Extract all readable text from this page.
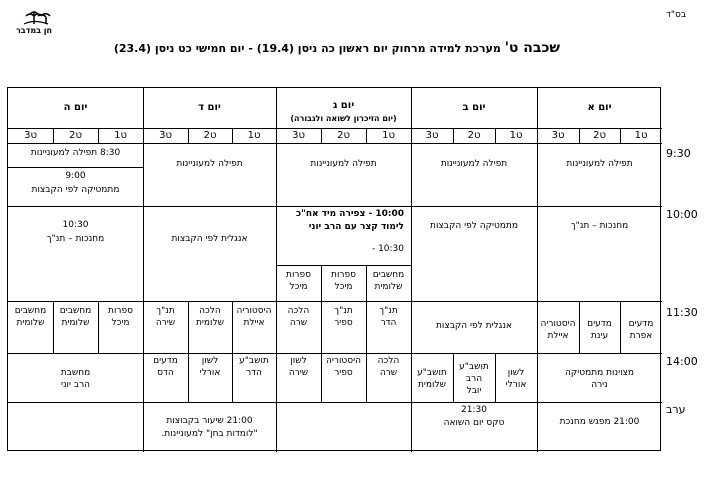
בס"ד
חן במדבר
שכבה ט' מערכת למידה מרחוק יום ראשון כה ניסן (19.4) - יום חמישי כט ניסן (23.4)
9:30
10:00
11:30
14:00
ערב
יום א
יום ב
יום ג
(יום הזיכרון לשואה ולגבורה)
יום ד
יום ה
ט1
ט2
ט3
ט1
ט2
ט3
ט1
ט2
ט3
ט1
ט2
ט3
ט1
ט2
ט3
תפילה למעוניינות
תפילה למעוניינות
תפילה למעוניינות
תפילה למעוניינות
8:30 תפילה למעוניינות
9:00
מתמטיקה לפי הקבצות
מחנכות – תנ"ך
מתמטיקה לפי הקבצות
10:00 - צפירה מיד אח"כ
לימוד קצר עם הרב יוני
10:30 -
מחשבים
שלומית
ספרות
מיכל
ספרות
מיכל
אנגלית לפי הקבצות
10:30
מחנכות – תנ"ך
מדעים
אפרת
מדעים
עינת
היסטוריה
איילת
אנגלית לפי הקבצות
תנ"ך
הדר
תנ"ך
ספיר
הלכה
שרה
היסטוריה
איילת
הלכה
שלומית
תנ"ך
שירה
ספרות
מיכל
מחשבים
שלומית
מחשבים
שלומית
מצוינות מתמטיקה
נירה
לשון
אורלי
תושב"ע
הרב
יובל
תושב"ע
שלומית
הלכה
שרה
היסטוריה
ספיר
לשון
שירה
תושב"ע
הדר
לשון
אורלי
מדעים
הדס
מחשבת
הרב יוני
21:00 מפגש מחנכת
21:30
טקס יום השואה
21:00 שיעור בקבוצות
"לומדות בחן" למעוניינות.
